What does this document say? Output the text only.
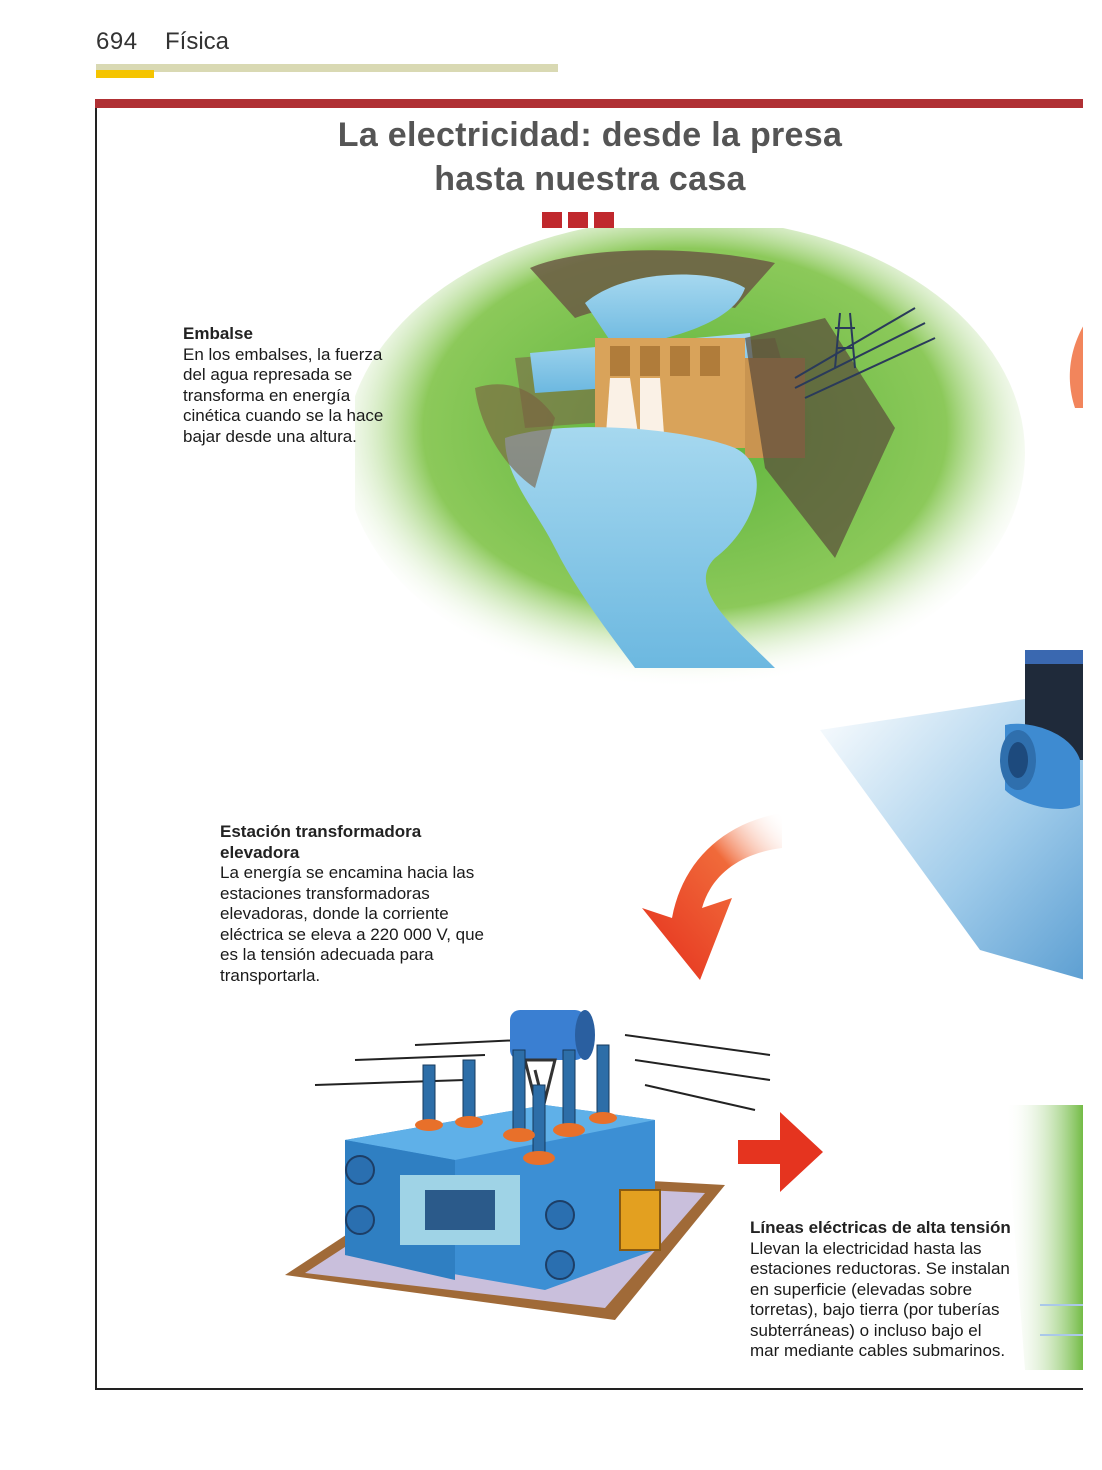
694 Física
La electricidad: desde la presa
hasta nuestra casa
Embalse
En los embalses, la fuerza
del agua represada se
transforma en energía
cinética cuando se la hace
bajar desde una altura.
Estación transformadora
elevadora
La energía se encamina hacia las
estaciones transformadoras
elevadoras, donde la corriente
eléctrica se eleva a 220 000 V, que
es la tensión adecuada para
transportarla.
Líneas eléctricas de alta tensión
Llevan la electricidad hasta las
estaciones reductoras. Se instalan
en superficie (elevadas sobre
torretas), bajo tierra (por tuberías
subterráneas) o incluso bajo el
mar mediante cables submarinos.
